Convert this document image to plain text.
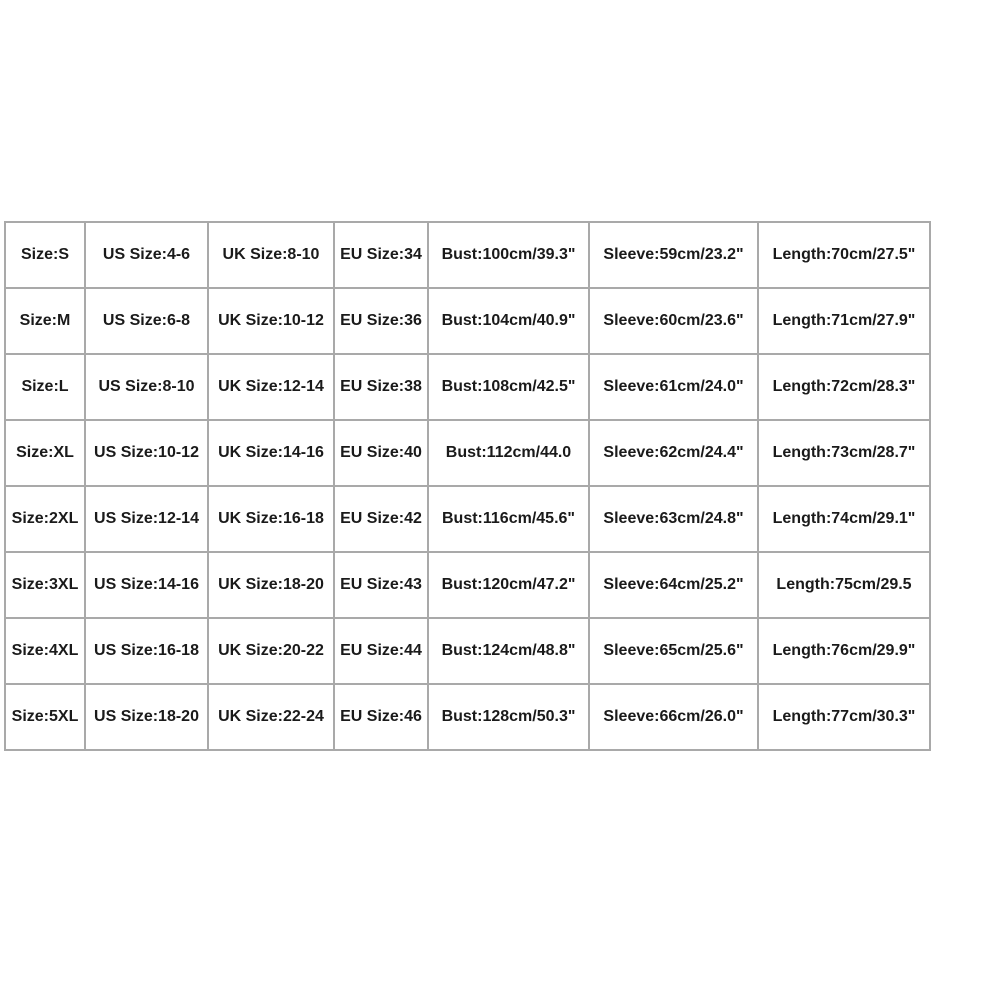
Size:S	US Size:4-6	UK Size:8-10	EU Size:34	Bust:100cm/39.3"	Sleeve:59cm/23.2"	Length:70cm/27.5"
Size:M	US Size:6-8	UK Size:10-12	EU Size:36	Bust:104cm/40.9"	Sleeve:60cm/23.6"	Length:71cm/27.9"
Size:L	US Size:8-10	UK Size:12-14	EU Size:38	Bust:108cm/42.5"	Sleeve:61cm/24.0"	Length:72cm/28.3"
Size:XL	US Size:10-12	UK Size:14-16	EU Size:40	Bust:112cm/44.0	Sleeve:62cm/24.4"	Length:73cm/28.7"
Size:2XL	US Size:12-14	UK Size:16-18	EU Size:42	Bust:116cm/45.6"	Sleeve:63cm/24.8"	Length:74cm/29.1"
Size:3XL	US Size:14-16	UK Size:18-20	EU Size:43	Bust:120cm/47.2"	Sleeve:64cm/25.2"	Length:75cm/29.5
Size:4XL	US Size:16-18	UK Size:20-22	EU Size:44	Bust:124cm/48.8"	Sleeve:65cm/25.6"	Length:76cm/29.9"
Size:5XL	US Size:18-20	UK Size:22-24	EU Size:46	Bust:128cm/50.3"	Sleeve:66cm/26.0"	Length:77cm/30.3"
